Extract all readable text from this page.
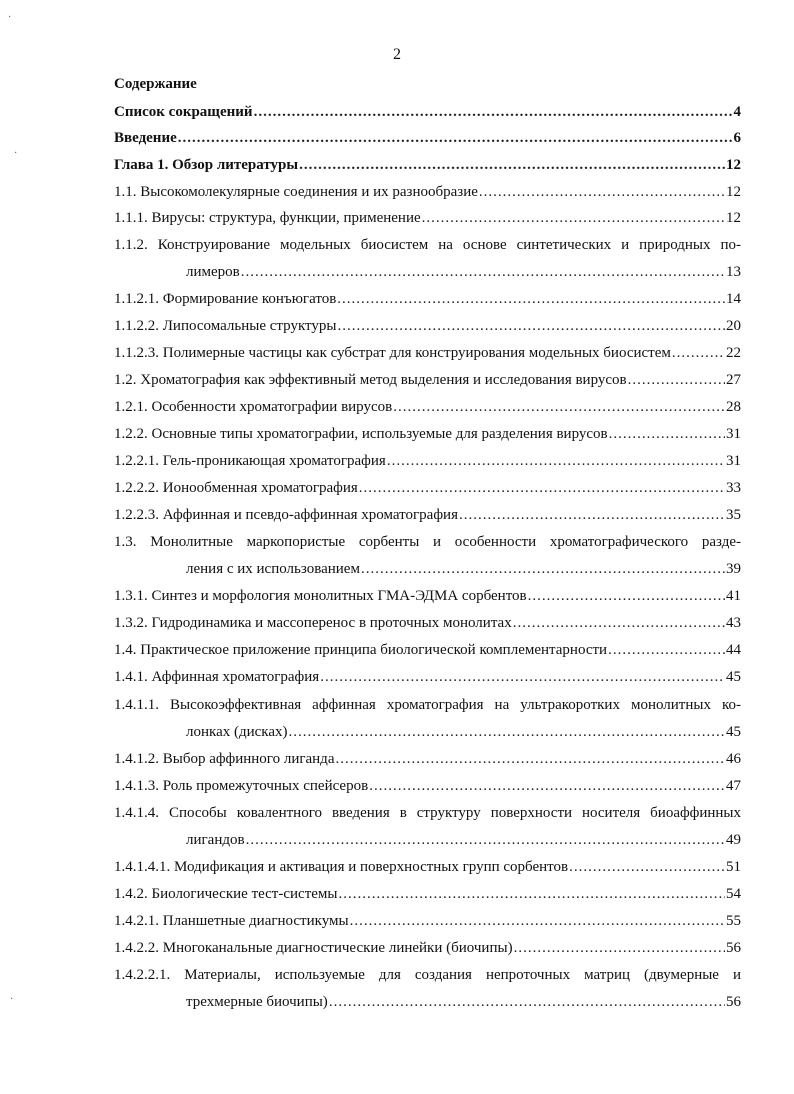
2
Содержание
Список сокращений .....	4
Введение .....	6
Глава 1. Обзор литературы .....	12
1.1. Высокомолекулярные соединения и их разнообразие .....	12
1.1.1. Вирусы: структура, функции, применение .....	12
1.1.2. Конструирование модельных биосистем на основе синтетических и природных по-
лимеров .....	13
1.1.2.1. Формирование конъюгатов .....	14
1.1.2.2. Липосомальные структуры .....	20
1.1.2.3. Полимерные частицы как субстрат для конструирования модельных биосистем .....	22
1.2. Хроматография как эффективный метод выделения и исследования вирусов .....	27
1.2.1. Особенности хроматографии вирусов .....	28
1.2.2. Основные типы хроматографии, используемые для разделения вирусов .....	31
1.2.2.1. Гель-проникающая хроматография .....	31
1.2.2.2. Ионообменная хроматография .....	33
1.2.2.3. Аффинная и псевдо-аффинная хроматография .....	35
1.3. Монолитные маркопористые сорбенты и особенности хроматографического разде-
ления с их использованием .....	39
1.3.1. Синтез и морфология монолитных ГМА-ЭДМА сорбентов .....	41
1.3.2. Гидродинамика и массоперенос в проточных монолитах .....	43
1.4. Практическое приложение принципа биологической комплементарности .....	44
1.4.1. Аффинная хроматография .....	45
1.4.1.1. Высокоэффективная аффинная хроматография на ультракоротких монолитных ко-
лонках (дисках) .....	45
1.4.1.2. Выбор аффинного лиганда .....	46
1.4.1.3. Роль промежуточных спейсеров .....	47
1.4.1.4. Способы ковалентного введения в структуру поверхности носителя биоаффинных
лигандов .....	49
1.4.1.4.1. Модификация и активация и поверхностных групп сорбентов .....	51
1.4.2. Биологические тест-системы .....	54
1.4.2.1. Планшетные диагностикумы .....	55
1.4.2.2. Многоканальные диагностические линейки (биочипы) .....	56
1.4.2.2.1. Материалы, используемые для создания непроточных матриц (двумерные и
трехмерные биочипы) .....	56
·
·
·
